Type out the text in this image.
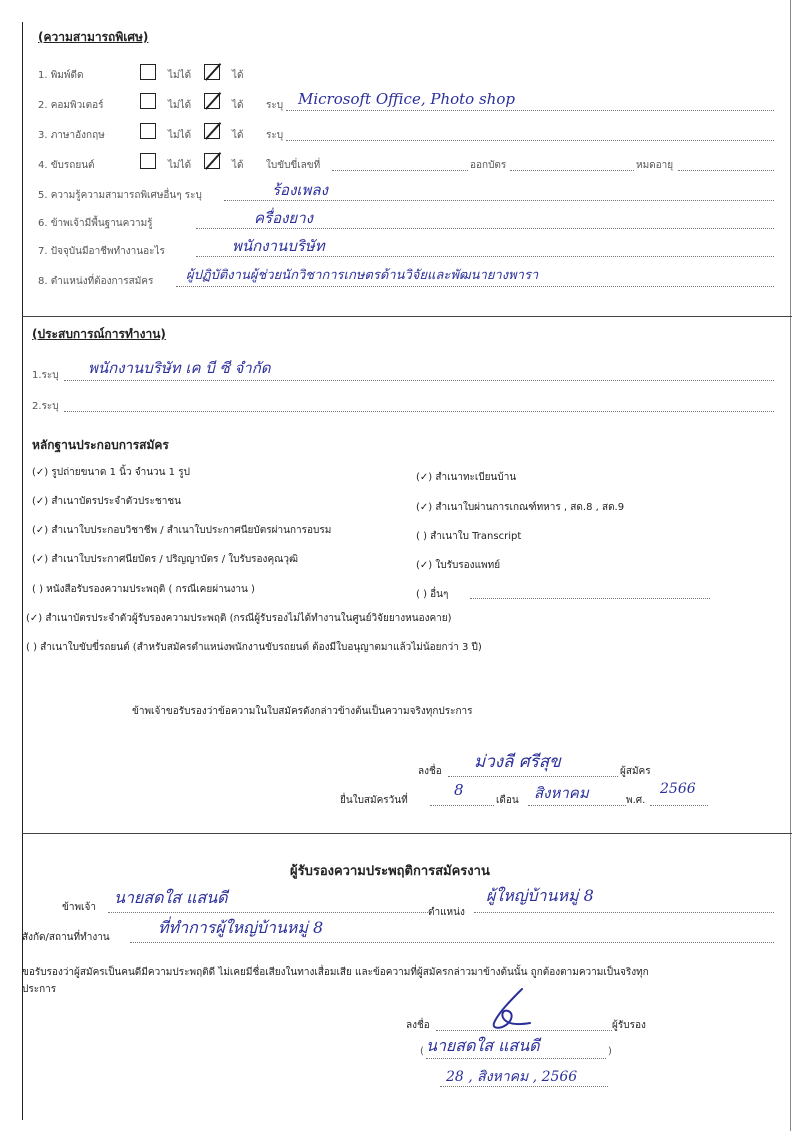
(ความสามารถพิเศษ)
1. พิมพ์ดีด	ไม่ได้	ได้
2. คอมพิวเตอร์	ไม่ได้	ได้ ระบุ Microsoft Office, Photo shop
3. ภาษาอังกฤษ	ไม่ได้	ได้ ระบุ
4. ขับรถยนต์	ไม่ได้	ได้ ใบขับขี่เลขที่	ออกบัตร	หมดอายุ
5. ความรู้ความสามารถพิเศษอื่นๆ ระบุ	ร้องเพลง
6. ข้าพเจ้ามีพื้นฐานความรู้	ครื่องยาง
7. ปัจจุบันมีอาชีพทำงานอะไร	พนักงานบริษัท
8. ตำแหน่งที่ต้องการสมัคร	ผู้ปฏิบัติงานผู้ช่วยนักวิชาการเกษตรด้านวิจัยและพัฒนายางพารา
(ประสบการณ์การทำงาน)
1.ระบุ พนักงานบริษัท เค บี ซี จำกัด
2.ระบุ
หลักฐานประกอบการสมัคร
(✓) รูปถ่ายขนาด 1 นิ้ว จำนวน 1 รูป
(✓) สำเนาบัตรประจำตัวประชาชน
(✓) สำเนาใบประกอบวิชาชีพ / สำเนาใบประกาศนียบัตรผ่านการอบรม
(✓) สำเนาใบประกาศนียบัตร / ปริญญาบัตร / ใบรับรองคุณวุฒิ
( ) หนังสือรับรองความประพฤติ ( กรณีเคยผ่านงาน )
(✓) สำเนาทะเบียนบ้าน
(✓) สำเนาใบผ่านการเกณฑ์ทหาร , สด.8 , สด.9
( ) สำเนาใบ Transcript
(✓) ใบรับรองแพทย์
( ) อื่นๆ
(✓) สำเนาบัตรประจำตัวผู้รับรองความประพฤติ (กรณีผู้รับรองไม่ได้ทำงานในศูนย์วิจัยยางหนองคาย)
( ) สำเนาใบขับขี่รถยนต์ (สำหรับสมัครตำแหน่งพนักงานขับรถยนต์ ต้องมีใบอนุญาตมาแล้วไม่น้อยกว่า 3 ปี)
ข้าพเจ้าขอรับรองว่าข้อความในใบสมัครดังกล่าวข้างต้นเป็นความจริงทุกประการ
ลงชื่อ ม่วงลี ศรีสุข	ผู้สมัคร
ยื่นใบสมัครวันที่
8
เดือน สิงหาคม	พ.ศ.
2566
ผู้รับรองความประพฤติการสมัครงาน
ข้าพเจ้า
นายสดใส แสนดี
ตำแหน่ง
ผู้ใหญ่บ้านหมู่ 8
สังกัด/สถานที่ทำงาน
ที่ทำการผู้ใหญ่บ้านหมู่ 8
ขอรับรองว่าผู้สมัครเป็นคนดีมีความประพฤติดี ไม่เคยมีชื่อเสียงในทางเสื่อมเสีย และข้อความที่ผู้สมัครกล่าวมาข้างต้นนั้น ถูกต้องตามความเป็นจริงทุก
ประการ
ลงชื่อ	ผู้รับรอง
นายสดใส แสนดี
(	)
28 , สิงหาคม , 2566
